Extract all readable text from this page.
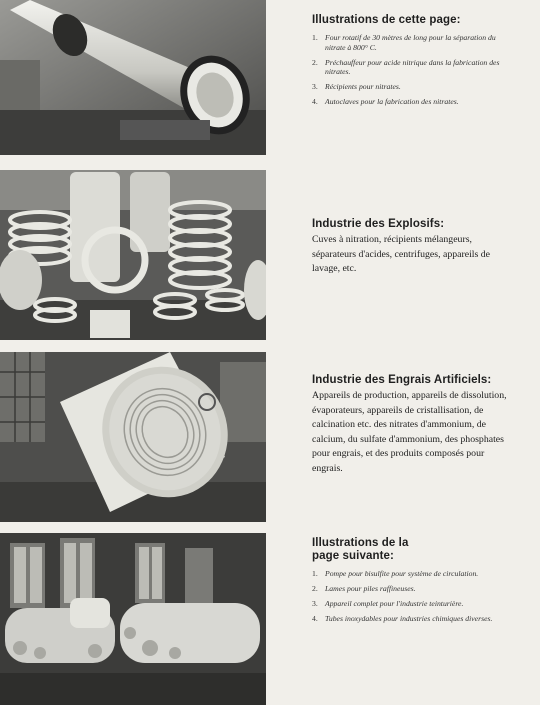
Illustrations de cette page:
1. Four rotatif de 30 mètres de long pour la séparation du nitrate à 800° C.
2. Préchauffeur pour acide nitrique dans la fabrication des nitrates.
3. Récipients pour nitrates.
4. Autoclaves pour la fabrication des nitrates.
Industrie des Explosifs:

Cuves à nitration, récipients mélangeurs, séparateurs d'acides, centrifuges, appareils de lavage, etc.

Industrie des Engrais Artificiels:

Appareils de production, appareils de dissolution, évaporateurs, appareils de cristallisation, de calcination etc. des nitrates d'ammonium, de calcium, du sulfate d'ammonium, des phosphates pour engrais, et des produits composés pour engrais.

Illustrations de la
page suivante:
1. Pompe pour bisulfite pour système de circulation.
2. Lames pour piles raffineuses.
3. Appareil complet pour l'industrie teinturière.
4. Tubes inoxydables pour industries chimiques diverses.
